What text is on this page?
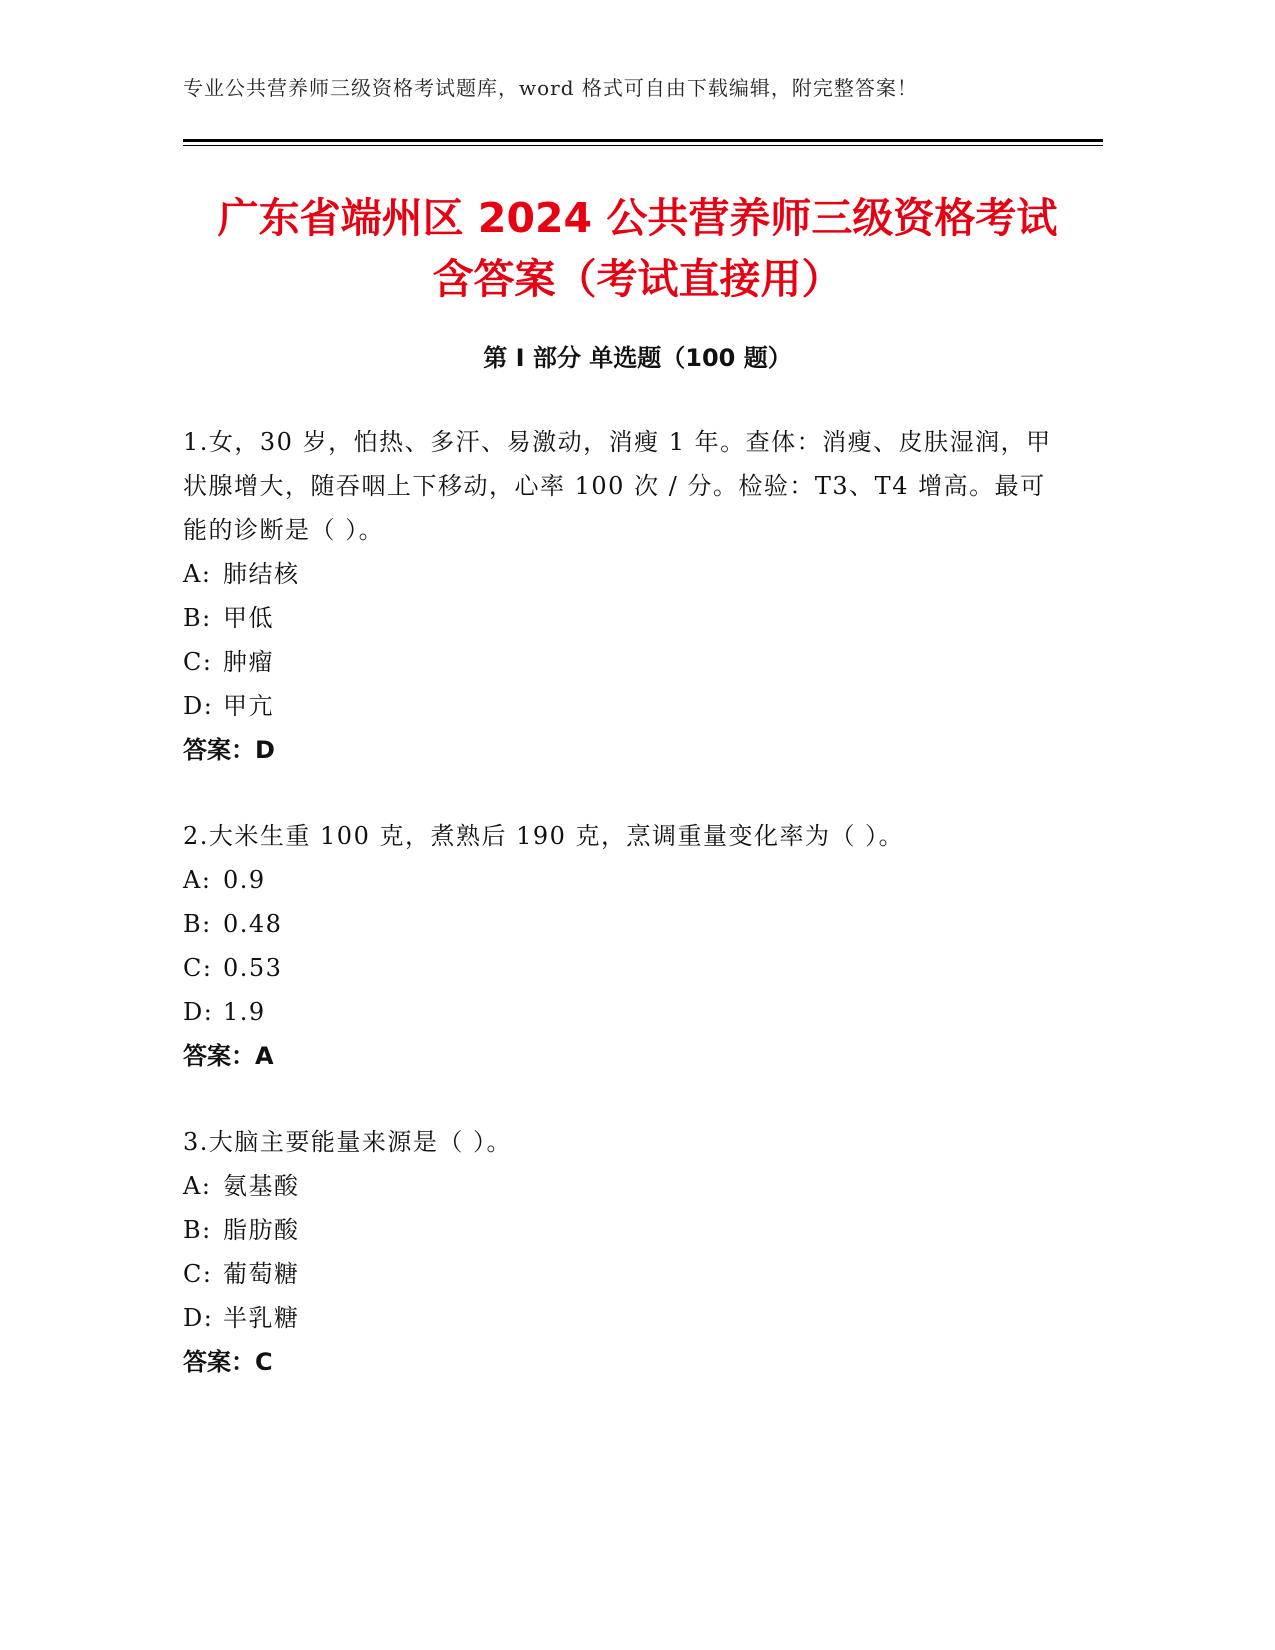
专业公共营养师三级资格考试题库，word 格式可自由下载编辑，附完整答案！
广东省端州区 2024 公共营养师三级资格考试
含答案（考试直接用）
第 I 部分 单选题（100 题）

1.女，30 岁，怕热、多汗、易激动，消瘦 1 年。查体：消瘦、皮肤湿润，甲状腺增大，随吞咽上下移动，心率 100 次 / 分。检验：T3、T4 增高。最可能的诊断是（ ）。

A: 肺结核

B: 甲低

C: 肿瘤

D: 甲亢

答案：D

2.大米生重 100 克，煮熟后 190 克，烹调重量变化率为（ ）。

A: 0.9

B: 0.48

C: 0.53

D: 1.9

答案：A

3.大脑主要能量来源是（ ）。

A: 氨基酸

B: 脂肪酸

C: 葡萄糖

D: 半乳糖

答案：C
